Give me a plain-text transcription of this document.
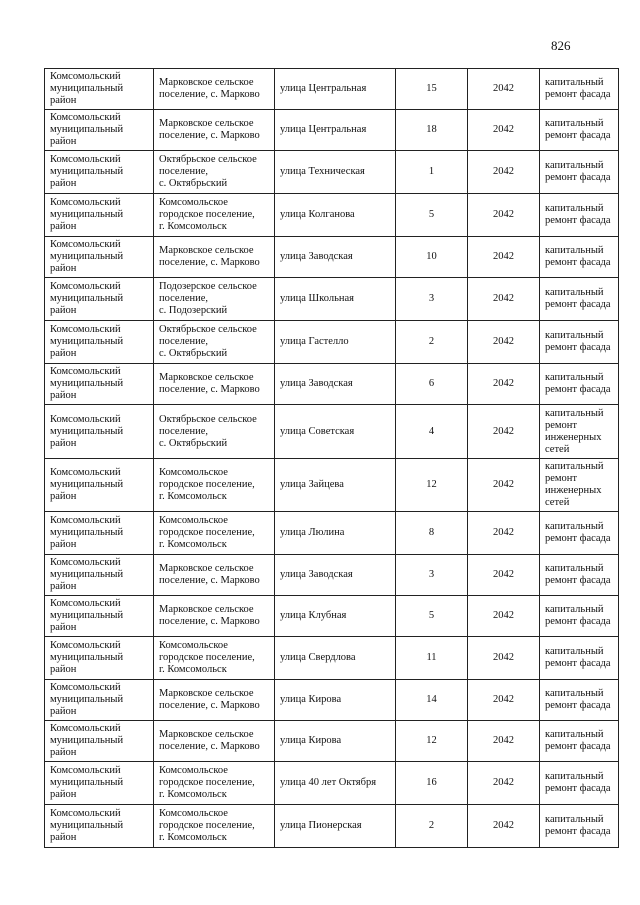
826
Комсомольский
муниципальный
район	Марковское сельское
поселение, с. Марково	улица Центральная	15	2042	капитальный
ремонт фасада

Комсомольский
муниципальный
район	Марковское сельское
поселение, с. Марково	улица Центральная	18	2042	капитальный
ремонт фасада

Комсомольский
муниципальный
район	Октябрьское сельское
поселение,
с. Октябрьский	улица Техническая	1	2042	капитальный
ремонт фасада

Комсомольский
муниципальный
район	Комсомольское
городское поселение,
г. Комсомольск	улица Колганова	5	2042	капитальный
ремонт фасада

Комсомольский
муниципальный
район	Марковское сельское
поселение, с. Марково	улица Заводская	10	2042	капитальный
ремонт фасада

Комсомольский
муниципальный
район	Подозерское сельское
поселение,
с. Подозерский	улица Школьная	3	2042	капитальный
ремонт фасада

Комсомольский
муниципальный
район	Октябрьское сельское
поселение,
с. Октябрьский	улица Гастелло	2	2042	капитальный
ремонт фасада

Комсомольский
муниципальный
район	Марковское сельское
поселение, с. Марково	улица Заводская	6	2042	капитальный
ремонт фасада

Комсомольский
муниципальный
район	Октябрьское сельское
поселение,
с. Октябрьский	улица Советская	4	2042	капитальный
ремонт
инженерных
сетей

Комсомольский
муниципальный
район	Комсомольское
городское поселение,
г. Комсомольск	улица Зайцева	12	2042	капитальный
ремонт
инженерных
сетей

Комсомольский
муниципальный
район	Комсомольское
городское поселение,
г. Комсомольск	улица Люлина	8	2042	капитальный
ремонт фасада

Комсомольский
муниципальный
район	Марковское сельское
поселение, с. Марково	улица Заводская	3	2042	капитальный
ремонт фасада

Комсомольский
муниципальный
район	Марковское сельское
поселение, с. Марково	улица Клубная	5	2042	капитальный
ремонт фасада

Комсомольский
муниципальный
район	Комсомольское
городское поселение,
г. Комсомольск	улица Свердлова	11	2042	капитальный
ремонт фасада

Комсомольский
муниципальный
район	Марковское сельское
поселение, с. Марково	улица Кирова	14	2042	капитальный
ремонт фасада

Комсомольский
муниципальный
район	Марковское сельское
поселение, с. Марково	улица Кирова	12	2042	капитальный
ремонт фасада

Комсомольский
муниципальный
район	Комсомольское
городское поселение,
г. Комсомольск	улица 40 лет Октября	16	2042	капитальный
ремонт фасада

Комсомольский
муниципальный
район	Комсомольское
городское поселение,
г. Комсомольск	улица Пионерская	2	2042	капитальный
ремонт фасада
